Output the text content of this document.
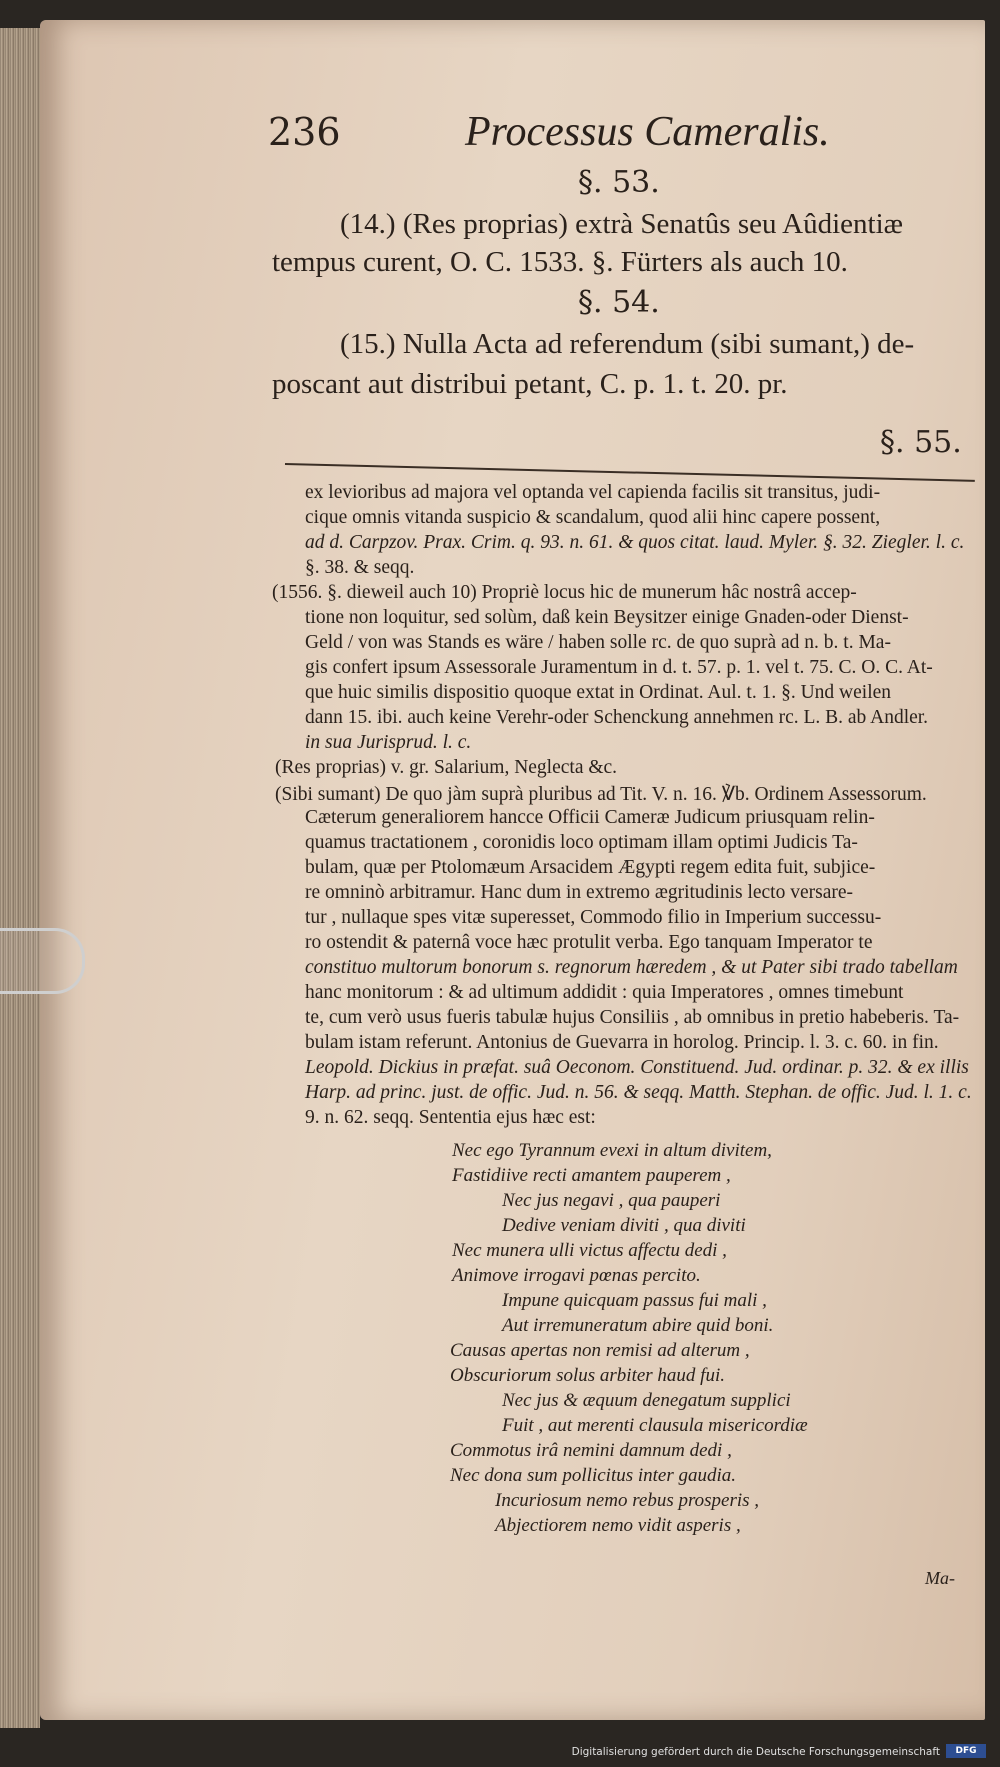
236	Processus Cameralis.
§. 53.
(14.) (Res proprias) extrà Senatûs seu Aûdientiæ
tempus curent, O. C. 1533. §. Fürters als auch 10.
§. 54.
(15.) Nulla Acta ad referendum (sibi sumant,) de-
poscant aut distribui petant, C. p. 1. t. 20. pr.
§. 55.
ex levioribus ad majora vel optanda vel capienda facilis sit transitus, judi-
cique omnis vitanda suspicio & scandalum, quod alii hinc capere possent,
ad d. Carpzov. Prax. Crim. q. 93. n. 61. & quos citat. laud. Myler. §. 32. Ziegler. l. c.
§. 38. & seqq.
(1556. §. dieweil auch 10) Propriè locus hic de munerum hâc nostrâ accep-
tione non loquitur, sed solùm, daß kein Beysitzer einige Gnaden-oder Dienst-
Geld / von was Stands es wäre / haben solle rc. de quo suprà ad n. b. t. Ma-
gis confert ipsum Assessorale Juramentum in d. t. 57. p. 1. vel t. 75. C. O. C. At-
que huic similis dispositio quoque extat in Ordinat. Aul. t. 1. §. Und weilen
dann 15. ibi. auch keine Verehr-oder Schenckung annehmen rc. L. B. ab Andler.
in sua Jurisprud. l. c.
(Res proprias) v. gr. Salarium, Neglecta &c.
(Sibi sumant) De quo jàm suprà pluribus ad Tit. V. n. 16. ℣b. Ordinem Assessorum.
Cæterum generaliorem hancce Officii Cameræ Judicum priusquam relin-
quamus tractationem , coronidis loco optimam illam optimi Judicis Ta-
bulam, quæ per Ptolomæum Arsacidem Ægypti regem edita fuit, subjice-
re omninò arbitramur. Hanc dum in extremo ægritudinis lecto versare-
tur , nullaque spes vitæ superesset, Commodo filio in Imperium successu-
ro ostendit & paternâ voce hæc protulit verba. Ego tanquam Imperator te
constituo multorum bonorum s. regnorum hæredem , & ut Pater sibi trado tabellam
hanc monitorum : & ad ultimum addidit : quia Imperatores , omnes timebunt
te, cum verò usus fueris tabulæ hujus Consiliis , ab omnibus in pretio habeberis. Ta-
bulam istam referunt. Antonius de Guevarra in horolog. Princip. l. 3. c. 60. in fin.
Leopold. Dickius in præfat. suâ Oeconom. Constituend. Jud. ordinar. p. 32. & ex illis
Harp. ad princ. just. de offic. Jud. n. 56. & seqq. Matth. Stephan. de offic. Jud. l. 1. c.
9. n. 62. seqq. Sententia ejus hæc est:
Nec ego Tyrannum evexi in altum divitem,
Fastidiive recti amantem pauperem ,
Nec jus negavi , qua pauperi
Dedive veniam diviti , qua diviti
Nec munera ulli victus affectu dedi ,
Animove irrogavi pœnas percito.
Impune quicquam passus fui mali ,
Aut irremuneratum abire quid boni.
Causas apertas non remisi ad alterum ,
Obscuriorum solus arbiter haud fui.
Nec jus & æquum denegatum supplici
Fuit , aut merenti clausula misericordiæ
Commotus irâ nemini damnum dedi ,
Nec dona sum pollicitus inter gaudia.
Incuriosum nemo rebus prosperis ,
Abjectiorem nemo vidit asperis ,
Ma-
Digitalisierung gefördert durch die Deutsche Forschungsgemeinschaft	DFG
